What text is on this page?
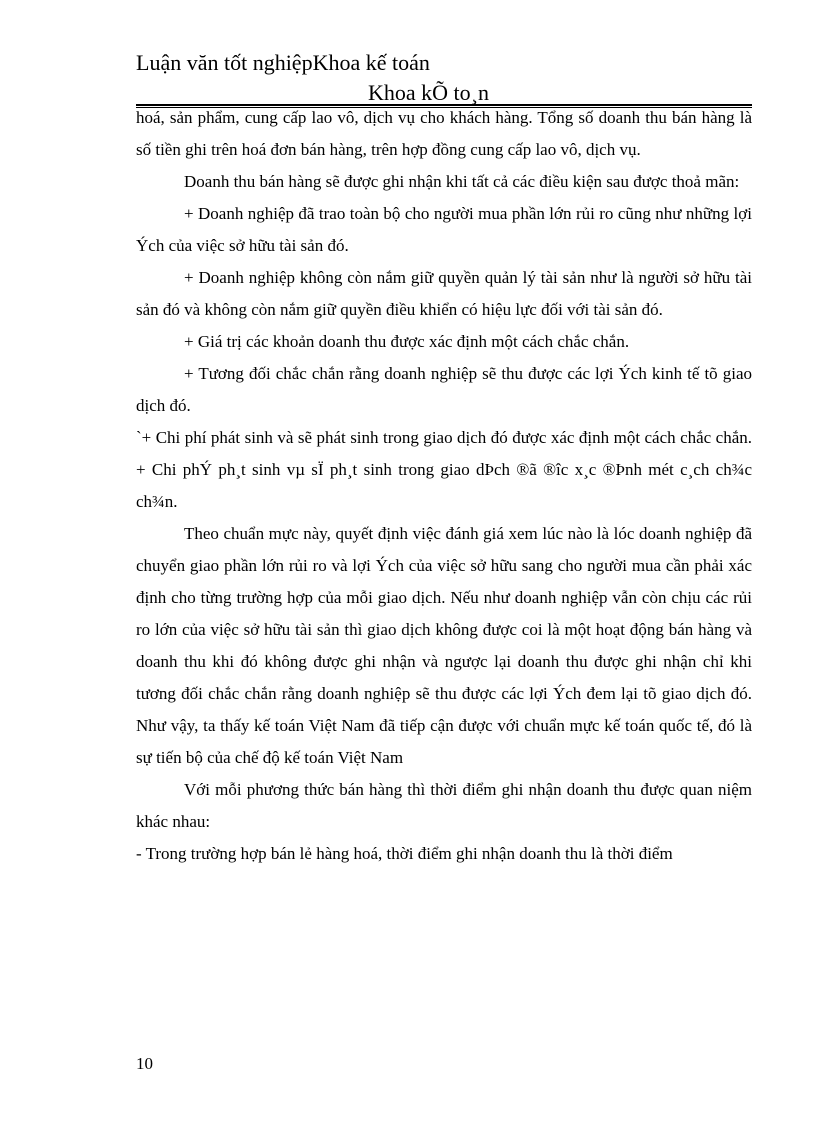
Luận văn tốt nghiệpKhoa kế toán
Khoa kÕ to¸n

hoá, sản phẩm, cung cấp lao vô, dịch vụ cho khách hàng. Tổng số doanh thu bán hàng là số tiền ghi trên hoá đơn bán hàng, trên hợp đồng cung cấp lao vô, dịch vụ.

Doanh thu bán hàng sẽ được ghi nhận khi tất cả các điều kiện sau được thoả mãn:

+ Doanh nghiệp đã trao toàn bộ cho người mua phần lớn rủi ro cũng như những lợi Ých của việc sở hữu tài sản đó.

+ Doanh nghiệp không còn nắm giữ quyền quản lý tài sản như là người sở hữu tài sản đó và không còn nắm giữ quyền điều khiển có hiệu lực đối với tài sản đó.

+ Giá trị các khoản doanh thu được xác định một cách chắc chắn.

+ Tương đối chắc chắn rằng doanh nghiệp sẽ thu được các lợi Ých kinh tế tõ giao dịch đó.

`+ Chi phí phát sinh và sẽ phát sinh trong giao dịch đó được xác định một cách chắc chắn. + Chi phÝ ph¸t sinh vµ sÏ ph¸t sinh trong giao dÞch ®ã ®îc x¸c ®Þnh mét c¸ch ch¾c ch¾n.

Theo chuẩn mực này, quyết định việc đánh giá xem lúc nào là lóc doanh nghiệp đã chuyển giao phần lớn rủi ro và lợi Ých của việc sở hữu sang cho người mua cần phải xác định cho từng trường hợp của mỗi giao dịch. Nếu như doanh nghiệp vẫn còn chịu các rủi ro lớn của việc sở hữu tài sản thì giao dịch không được coi là một hoạt động bán hàng và doanh thu khi đó không được ghi nhận và ngược lại doanh thu được ghi nhận chỉ khi tương đối chắc chắn rằng doanh nghiệp sẽ thu được các lợi Ých đem lại tõ giao dịch đó. Như vậy, ta thấy kế toán Việt Nam đã tiếp cận được với chuẩn mực kế toán quốc tế, đó là sự tiến bộ của chế độ kế toán Việt Nam

Với mỗi phương thức bán hàng thì thời điểm ghi nhận doanh thu được quan niệm khác nhau:

- Trong trường hợp bán lẻ hàng hoá, thời điểm ghi nhận doanh thu là thời điểm

10
